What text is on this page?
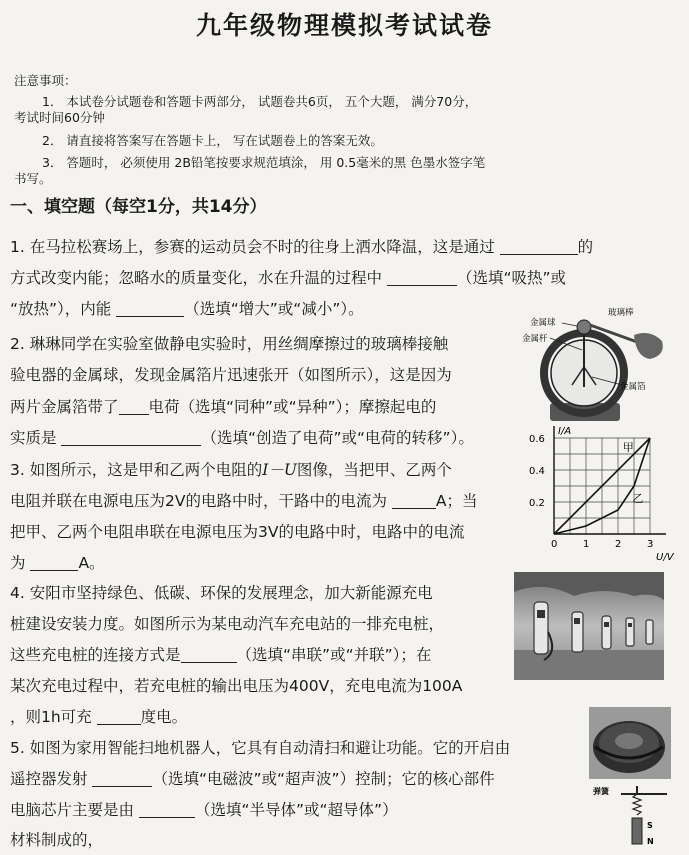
九年级物理模拟考试试卷
注意事项：
1． 本试卷分试题卷和答题卡两部分， 试题卷共6页， 五个大题， 满分70分，
考试时间60分钟
2． 请直接将答案写在答题卡上， 写在试题卷上的答案无效。
3． 答题时， 必须使用 2B铅笔按要求规范填涂， 用 0.5毫米的黑 色墨水签字笔
书写。
一、填空题（每空1分，共14分）
1. 在马拉松赛场上，参赛的运动员会不时的往身上洒水降温，这是通过	的
方式改变内能；忽略水的质量变化，水在升温的过程中	（选填“吸热”或
“放热”），内能	（选填“增大”或“减小”）。
2. 琳琳同学在实验室做静电实验时，用丝绸摩擦过的玻璃棒接触
验电器的金属球，发现金属箔片迅速张开（如图所示），这是因为
两片金属箔带了 电荷（选填“同种”或“异种”）；摩擦起电的
实质是	（选填“创造了电荷”或“电荷的转移”）。
金属球
金属杆
玻璃棒
金属箔
3. 如图所示，这是甲和乙两个电阻的I－U图像，当把甲、乙两个
电阻并联在电源电压为2V的电路中时，干路中的电流为	A；当
把甲、乙两个电阻串联在电源电压为3V的电路中时，电路中的电流
为	A。
0	1	2	3
0.2
0.4
0.6
U/V
I/A
甲
乙
4. 安阳市坚持绿色、低碳、环保的发展理念，加大新能源充电
桩建设安装力度。如图所示为某电动汽车充电站的一排充电桩，
这些充电桩的连接方式是	（选填“串联”或“并联”）；在
某次充电过程中，若充电桩的输出电压为400V，充电电流为100A
，则1h可充	度电。
5. 如图为家用智能扫地机器人，它具有自动清扫和避让功能。它的开启由
遥控器发射	（选填“电磁波”或“超声波”）控制；它的核心部件
电脑芯片主要是由	（选填“半导体”或“超导体”）
材料制成的，
弹簧
S
N
